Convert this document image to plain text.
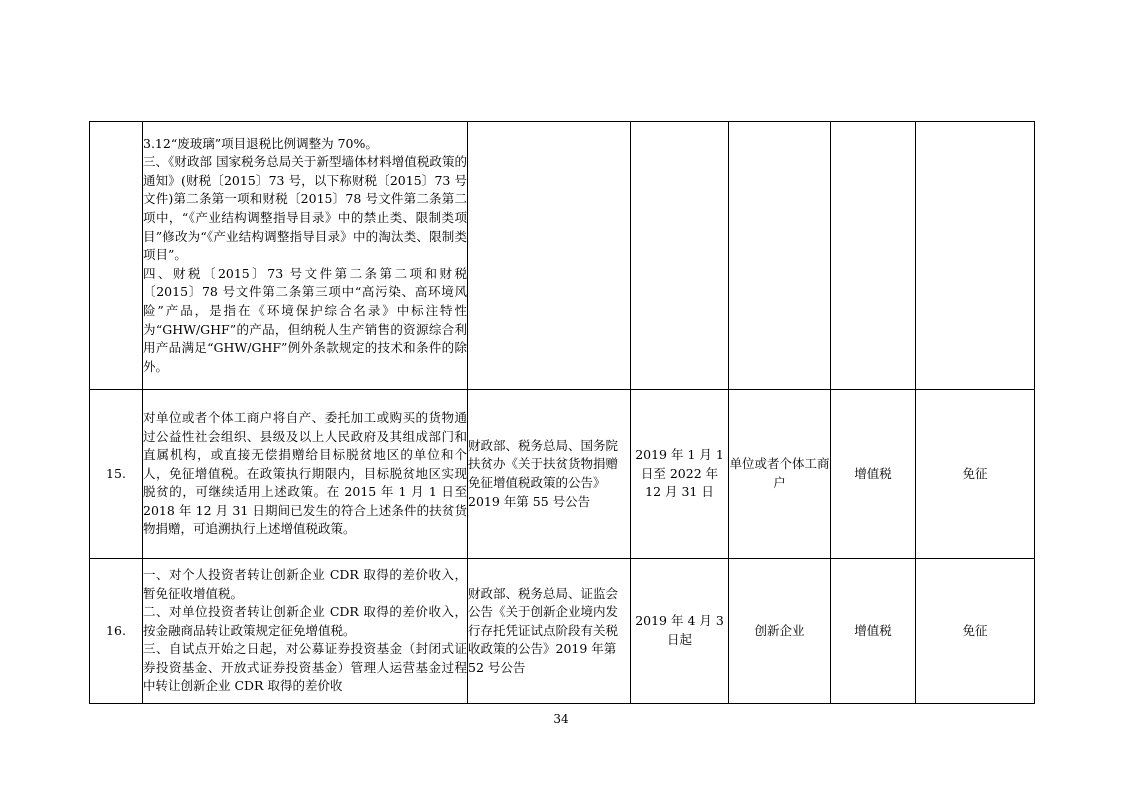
	3.12“废玻璃”项目退税比例调整为 70%。
三、《财政部 国家税务总局关于新型墙体材料增值税政策的通知》(财税〔2015〕73 号，以下称财税〔2015〕73 号文件)第二条第一项和财税〔2015〕78 号文件第二条第二项中，“《产业结构调整指导目录》中的禁止类、限制类项目”修改为“《产业结构调整指导目录》中的淘汰类、限制类项目”。
四、财税〔2015〕73 号文件第二条第二项和财税〔2015〕78 号文件第二条第三项中“高污染、高环境风险”产品，是指在《环境保护综合名录》中标注特性为“GHW/GHF”的产品，但纳税人生产销售的资源综合利用产品满足“GHW/GHF”例外条款规定的技术和条件的除外。					

15.	对单位或者个体工商户将自产、委托加工或购买的货物通过公益性社会组织、县级及以上人民政府及其组成部门和直属机构，或直接无偿捐赠给目标脱贫地区的单位和个人，免征增值税。在政策执行期限内，目标脱贫地区实现脱贫的，可继续适用上述政策。在 2015 年 1 月 1 日至 2018 年 12 月 31 日期间已发生的符合上述条件的扶贫货物捐赠，可追溯执行上述增值税政策。	财政部、税务总局、国务院扶贫办《关于扶贫货物捐赠免征增值税政策的公告》2019 年第 55 号公告	2019 年 1 月 1 日至 2022 年 12 月 31 日	单位或者个体工商户	增值税	免征
16.	一、对个人投资者转让创新企业 CDR 取得的差价收入，暂免征收增值税。
二、对单位投资者转让创新企业 CDR 取得的差价收入，按金融商品转让政策规定征免增值税。
三、自试点开始之日起，对公募证券投资基金（封闭式证券投资基金、开放式证券投资基金）管理人运营基金过程中转让创新企业 CDR 取得的差价收	财政部、税务总局、证监会公告《关于创新企业境内发行存托凭证试点阶段有关税收政策的公告》2019 年第 52 号公告	2019 年 4 月 3 日起	创新企业	增值税	免征
34
